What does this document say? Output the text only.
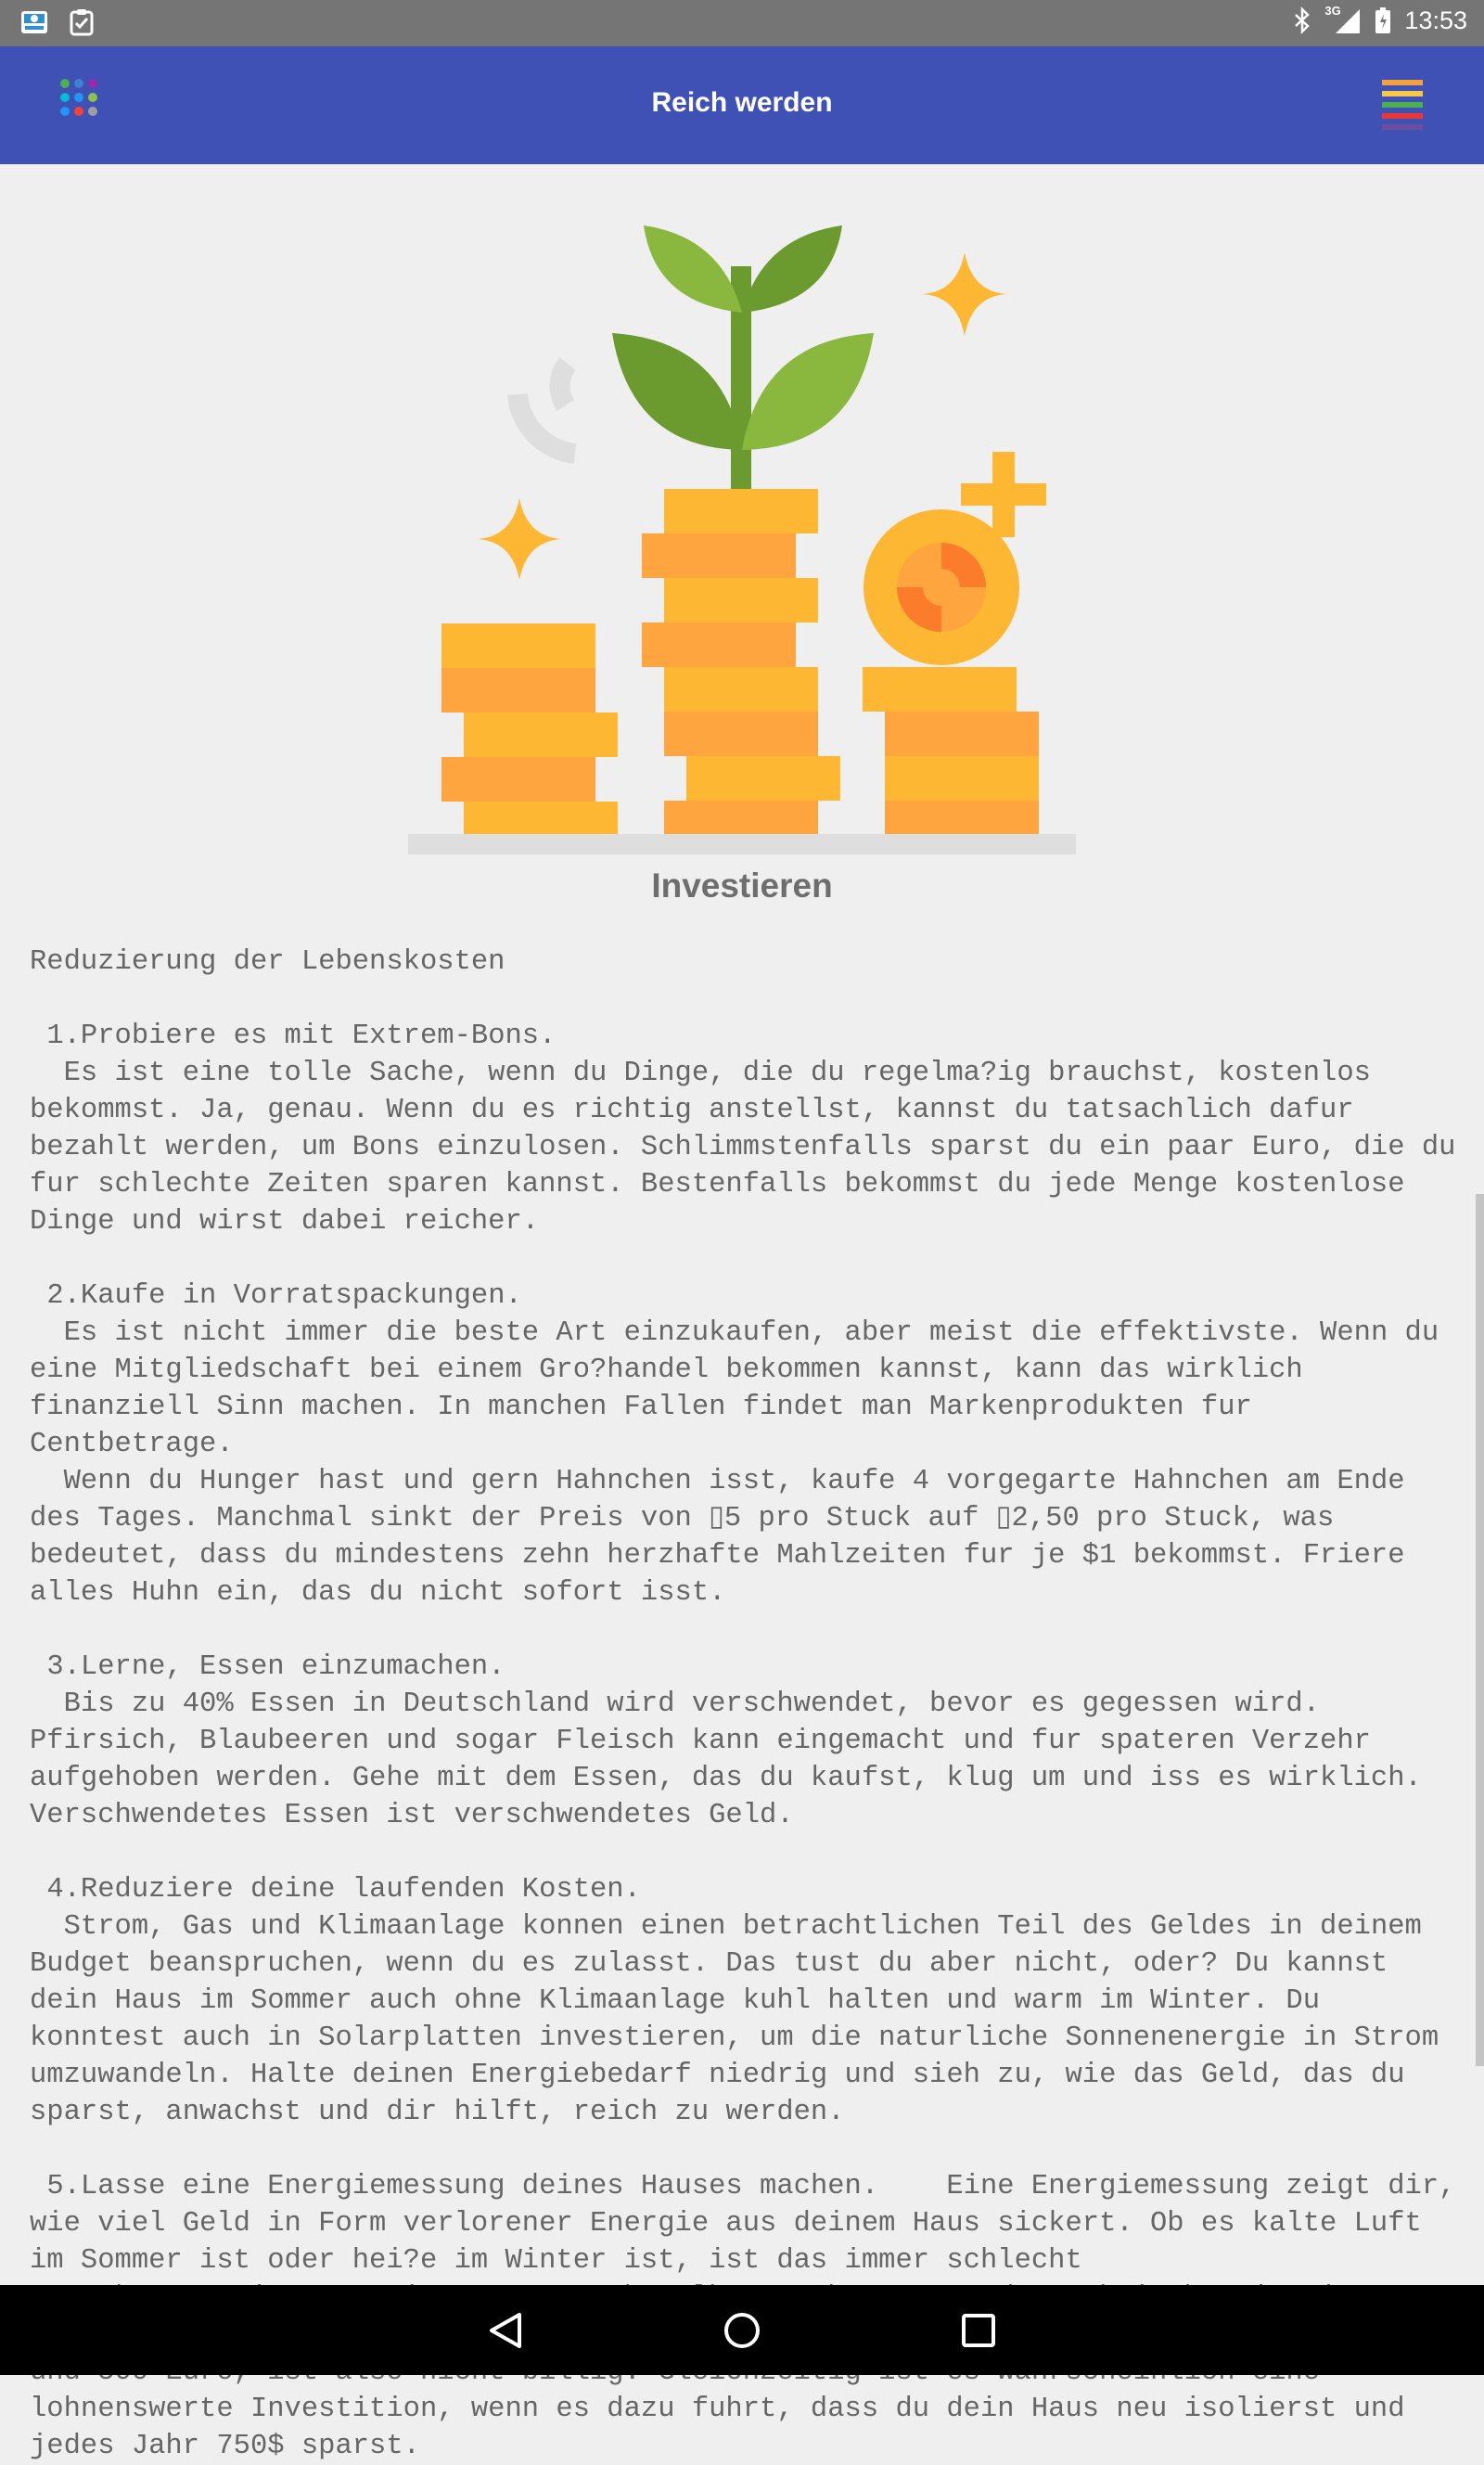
3G	13:53
Reich werden
Investieren
Reduzierung der Lebenskosten

1.Probiere es mit Extrem-Bons.
Es ist eine tolle Sache, wenn du Dinge, die du regelma?ig brauchst, kostenlos bekommst. Ja, genau. Wenn du es richtig anstellst, kannst du tatsachlich dafur bezahlt werden, um Bons einzulosen. Schlimmstenfalls sparst du ein paar Euro, die du fur schlechte Zeiten sparen kannst. Bestenfalls bekommst du jede Menge kostenlose Dinge und wirst dabei reicher.

2.Kaufe in Vorratspackungen.
Es ist nicht immer die beste Art einzukaufen, aber meist die effektivste. Wenn du eine Mitgliedschaft bei einem Gro?handel bekommen kannst, kann das wirklich finanziell Sinn machen. In manchen Fallen findet man Markenprodukten fur Centbetrage.
Wenn du Hunger hast und gern Hahnchen isst, kaufe 4 vorgegarte Hahnchen am Ende des Tages. Manchmal sinkt der Preis von ▯5 pro Stuck auf ▯2,50 pro Stuck, was bedeutet, dass du mindestens zehn herzhafte Mahlzeiten fur je $1 bekommst. Friere alles Huhn ein, das du nicht sofort isst.

3.Lerne, Essen einzumachen.
Bis zu 40% Essen in Deutschland wird verschwendet, bevor es gegessen wird. Pfirsich, Blaubeeren und sogar Fleisch kann eingemacht und fur spateren Verzehr aufgehoben werden. Gehe mit dem Essen, das du kaufst, klug um und iss es wirklich. Verschwendetes Essen ist verschwendetes Geld.

4.Reduziere deine laufenden Kosten.
Strom, Gas und Klimaanlage konnen einen betrachtlichen Teil des Geldes in deinem Budget beanspruchen, wenn du es zulasst. Das tust du aber nicht, oder? Du kannst dein Haus im Sommer auch ohne Klimaanlage kuhl halten und warm im Winter. Du konntest auch in Solarplatten investieren, um die naturliche Sonnenenergie in Strom umzuwandeln. Halte deinen Energiebedarf niedrig und sieh zu, wie das Geld, das du sparst, anwachst und dir hilft, reich zu werden.

5.Lasse eine Energiemessung deines Hauses machen.    Eine Energiemessung zeigt dir, wie viel Geld in Form verlorener Energie aus deinem Haus sickert. Ob es kalte Luft im Sommer ist oder hei?e im Winter ist, ist das immer schlecht
lohnenswerte Investition, wenn es dazu fuhrt, dass du dein Haus neu isolierst und jedes Jahr 750$ sparst.
